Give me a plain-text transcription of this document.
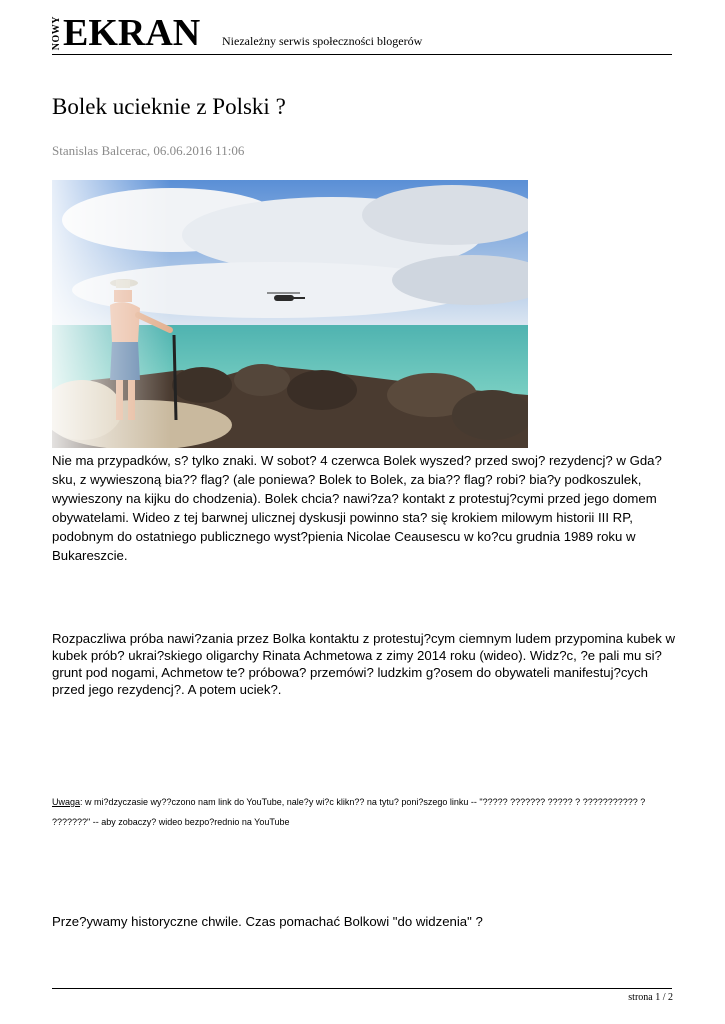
NOWY EKRAN Niezależny serwis społeczności blogerów
Bolek ucieknie z Polski ?
Stanislas Balcerac, 06.06.2016 11:06

Nie ma przypadków, s? tylko znaki. W sobot? 4 czerwca Bolek wyszed? przed swoj? rezydencj? w Gda?sku, z wywieszoną bia?? flag? (ale poniewa? Bolek to Bolek, za bia?? flag? robi? bia?y podkoszulek, wywieszony na kijku do chodzenia). Bolek chcia? nawi?za? kontakt z protestuj?cymi przed jego domem obywatelami. Wideo z tej barwnej ulicznej dyskusji powinno sta? się krokiem milowym historii III RP, podobnym do ostatniego publicznego wyst?pienia Nicolae Ceausescu w ko?cu grudnia 1989 roku w Bukareszcie.

Rozpaczliwa próba nawi?zania przez Bolka kontaktu z protestuj?cym ciemnym ludem przypomina kubek w kubek prób? ukrai?skiego oligarchy Rinata Achmetowa z zimy 2014 roku (wideo). Widz?c, ?e pali mu si? grunt pod nogami, Achmetow te? próbowa? przemówi? ludzkim g?osem do obywateli manifestuj?cych przed jego rezydencj?. A potem uciek?.

Uwaga: w mi?dzyczasie wy??czono nam link do YouTube, nale?y wi?c klikn?? na tytu? poni?szego linku -- "????? ??????? ????? ? ??????????? ? ???????" -- aby zobaczy? wideo bezpo?rednio na YouTube

Prze?ywamy historyczne chwile. Czas pomachać Bolkowi "do widzenia" ?

strona 1 / 2
